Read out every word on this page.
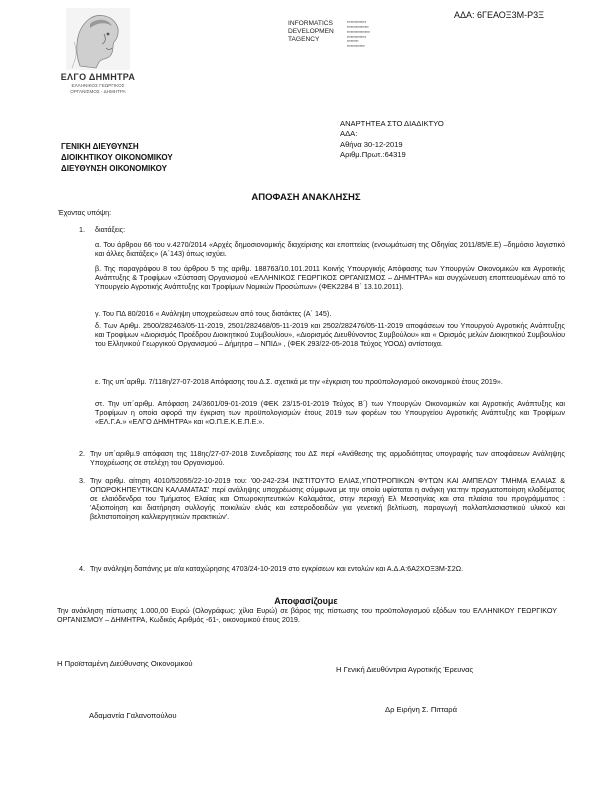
ΑΔΑ: 6ΓΕΑΟΞ3Μ-Ρ3Ξ
ΕΛΓΟ ΔΗΜΗΤΡΑ
ΕΛΛΗΝΙΚΟΣ ΓΕΩΡΓΙΚΟΣ
ΟΡΓΑΝΙΣΜΟΣ - ΔΗΜΗΤΡΑ
INFORMATICS
DEVELOPMEN
TAGENCY
▪▪▪▪▪▪▪▪▪▪▪▪▪▪▪
▪▪▪▪▪▪▪▪▪▪▪▪▪▪▪▪▪
▪▪▪▪▪▪▪▪▪▪▪▪▪▪▪▪▪▪
▪▪▪▪▪▪▪▪▪▪▪▪▪▪▪
▪▪▪▪▪▪▪▪▪
▪▪▪▪▪▪▪▪▪▪▪▪▪▪
ΓΕΝΙΚΗ ΔΙΕΥΘΥΝΣΗ
ΔΙΟΙΚΗΤΙΚΟΥ ΟΙΚΟΝΟΜΙΚΟΥ
ΔΙΕΥΘΥΝΣΗ ΟΙΚΟΝΟΜΙΚΟΥ
ΑΝΑΡΤΗΤΕΑ ΣΤΟ ΔΙΑΔΙΚΤΥΟ
ΑΔΑ:
Αθήνα 30-12-2019
Αριθμ.Πρωτ.:64319
ΑΠΟΦΑΣΗ ΑΝΑΚΛΗΣΗΣ
Έχοντας υπόψη:
1. διατάξεις:
α. Του άρθρου 66 του ν.4270/2014 «Αρχές δημοσιονομικής διαχείρισης και εποπτείας (ενσωμάτωση της Οδηγίας 2011/85/Ε.Ε) –δημόσιο λογιστικό και άλλες διατάξεις» (Α΄143) όπως ισχύει.
β. Της παραγράφου 8 του άρθρου 5 της αριθμ. 188763/10.101.2011 Κοινής Υπουργικής Απόφασης των Υπουργών Οικονομικών και Αγροτικής Ανάπτυξης & Τροφίμων «Σύσταση Οργανισμού «ΕΛΛΗΝΙΚΟΣ ΓΕΩΡΓΙΚΟΣ ΟΡΓΑΝΙΣΜΟΣ – ΔΗΜΗΤΡΑ» και συγχώνευση εποπτευομένων από το Υπουργείο Αγροτικής Ανάπτυξης και Τροφίμων Νομικών Προσώπων» (ΦΕΚ2284 Β΄ 13.10.2011).
γ. Του ΠΔ 80/2016 « Ανάληψη υποχρεώσεων από τους διατάκτες (Α΄ 145).
δ. Των Αριθμ. 2500/282463/05-11-2019, 2501/282468/05-11-2019 και 2502/282476/05-11-2019 αποφάσεων του Υπουργού Αγροτικής Ανάπτυξης και Τροφίμων «Διορισμός Προέδρου Διοικητικού Συμβουλίου», «Διορισμός Διευθύνοντος Συμβούλου» και « Ορισμός μελών Διοικητικού Συμβουλίου του Ελληνικού Γεωργικού Οργανισμού – Δήμητρα – ΝΠΙΔ» , (ΦΕΚ 293/22-05-2018 Τεύχος ΥΟΟΔ) αντίστοιχα.
ε. Της υπ΄αριθμ. 7/118η/27-07-2018 Απόφασης του Δ.Σ. σχετικά με την «έγκριση του προϋπολογισμού οικονομικού έτους 2019».
στ. Την υπ΄αριθμ. Απόφαση 24/3601/09-01-2019 (ΦΕΚ 23/15-01-2019 Τεύχος Β΄) των Υπουργών Οικονομικών και Αγροτικής Ανάπτυξης και Τροφίμων η οποία αφορά την έγκριση των προϋπολογισμών έτους 2019 των φορέων του Υπουργείου Αγροτικής Ανάπτυξης και Τροφίμων «ΕΛ.Γ.Α.» «ΕΛΓΟ ΔΗΜΗΤΡΑ» και «Ο.Π.Ε.Κ.Ε.Π.Ε.».
2. Την υπ΄αριθμ.9 απόφαση της 118ης/27-07-2018 Συνεδρίασης του ΔΣ περί «Ανάθεσης της αρμοδιότητας υπογραφής των αποφάσεων Ανάληψης Υποχρέωσης σε στελέχη του Οργανισμού.
3. Την αριθμ. αίτηση 4010/52055/22-10-2019 του: '00-242-234 ΙΝΣΤΙΤΟΥΤΟ ΕΛΙΑΣ,ΥΠΟΤΡΟΠΙΚΩΝ ΦΥΤΩΝ ΚΑΙ ΑΜΠΕΛΟΥ ΤΜΗΜΑ ΕΛΑΙΑΣ & ΟΠΩΡΟΚΗΠΕΥΤΙΚΩΝ ΚΑΛΑΜΑΤΑΣ' περί ανάληψης υποχρέωσης σύμφωνα με την οποία υφίσταται η ανάγκη για:την πραγματοποίηση κλαδέματος σε ελαιόδενδρα του Τμήματος Ελαίας και Οπωροκηπευτικών Καλαμάτας, στην περιοχή Ελ Μεσσηνίας και στα πλαίσια του προγράμματος : 'Αξιοποίηση και διατήρηση συλλογής ποικιλιών ελιάς και εστεροδοειδών για γενετική βελτίωση, παραγωγή πολλαπλασιαστικού υλικού και βελτιστοποίηση καλλιεργητικών πρακτικών'.
4. Την ανάληψη δαπάνης με α/α καταχώρησης 4703/24-10-2019 στο εγκρίσεων και εντολών και Α.Δ.Α:6Α2ΧΟΞ3Μ-Σ2Ω.
Αποφασίζουμε
Την ανάκληση πίστωσης 1.000,00 Ευρώ (Ολογράφως: χίλια Ευρώ) σε βάρος της πίστωσης του προϋπολογισμού εξόδων του ΕΛΛΗΝΙΚΟΥ ΓΕΩΡΓΙΚΟΥ ΟΡΓΑΝΙΣΜΟΥ – ΔΗΜΗΤΡΑ, Κωδικός Αριθμός -61-, οικονομικού έτους 2019.
Η Προϊσταμένη Διεύθυνσης Οικονομικού
Η Γενική Διευθύντρια Αγροτικής Έρευνας
Αδαμαντία Γαλανοπούλου
Δρ Ειρήνη Σ. Πιτταρά
